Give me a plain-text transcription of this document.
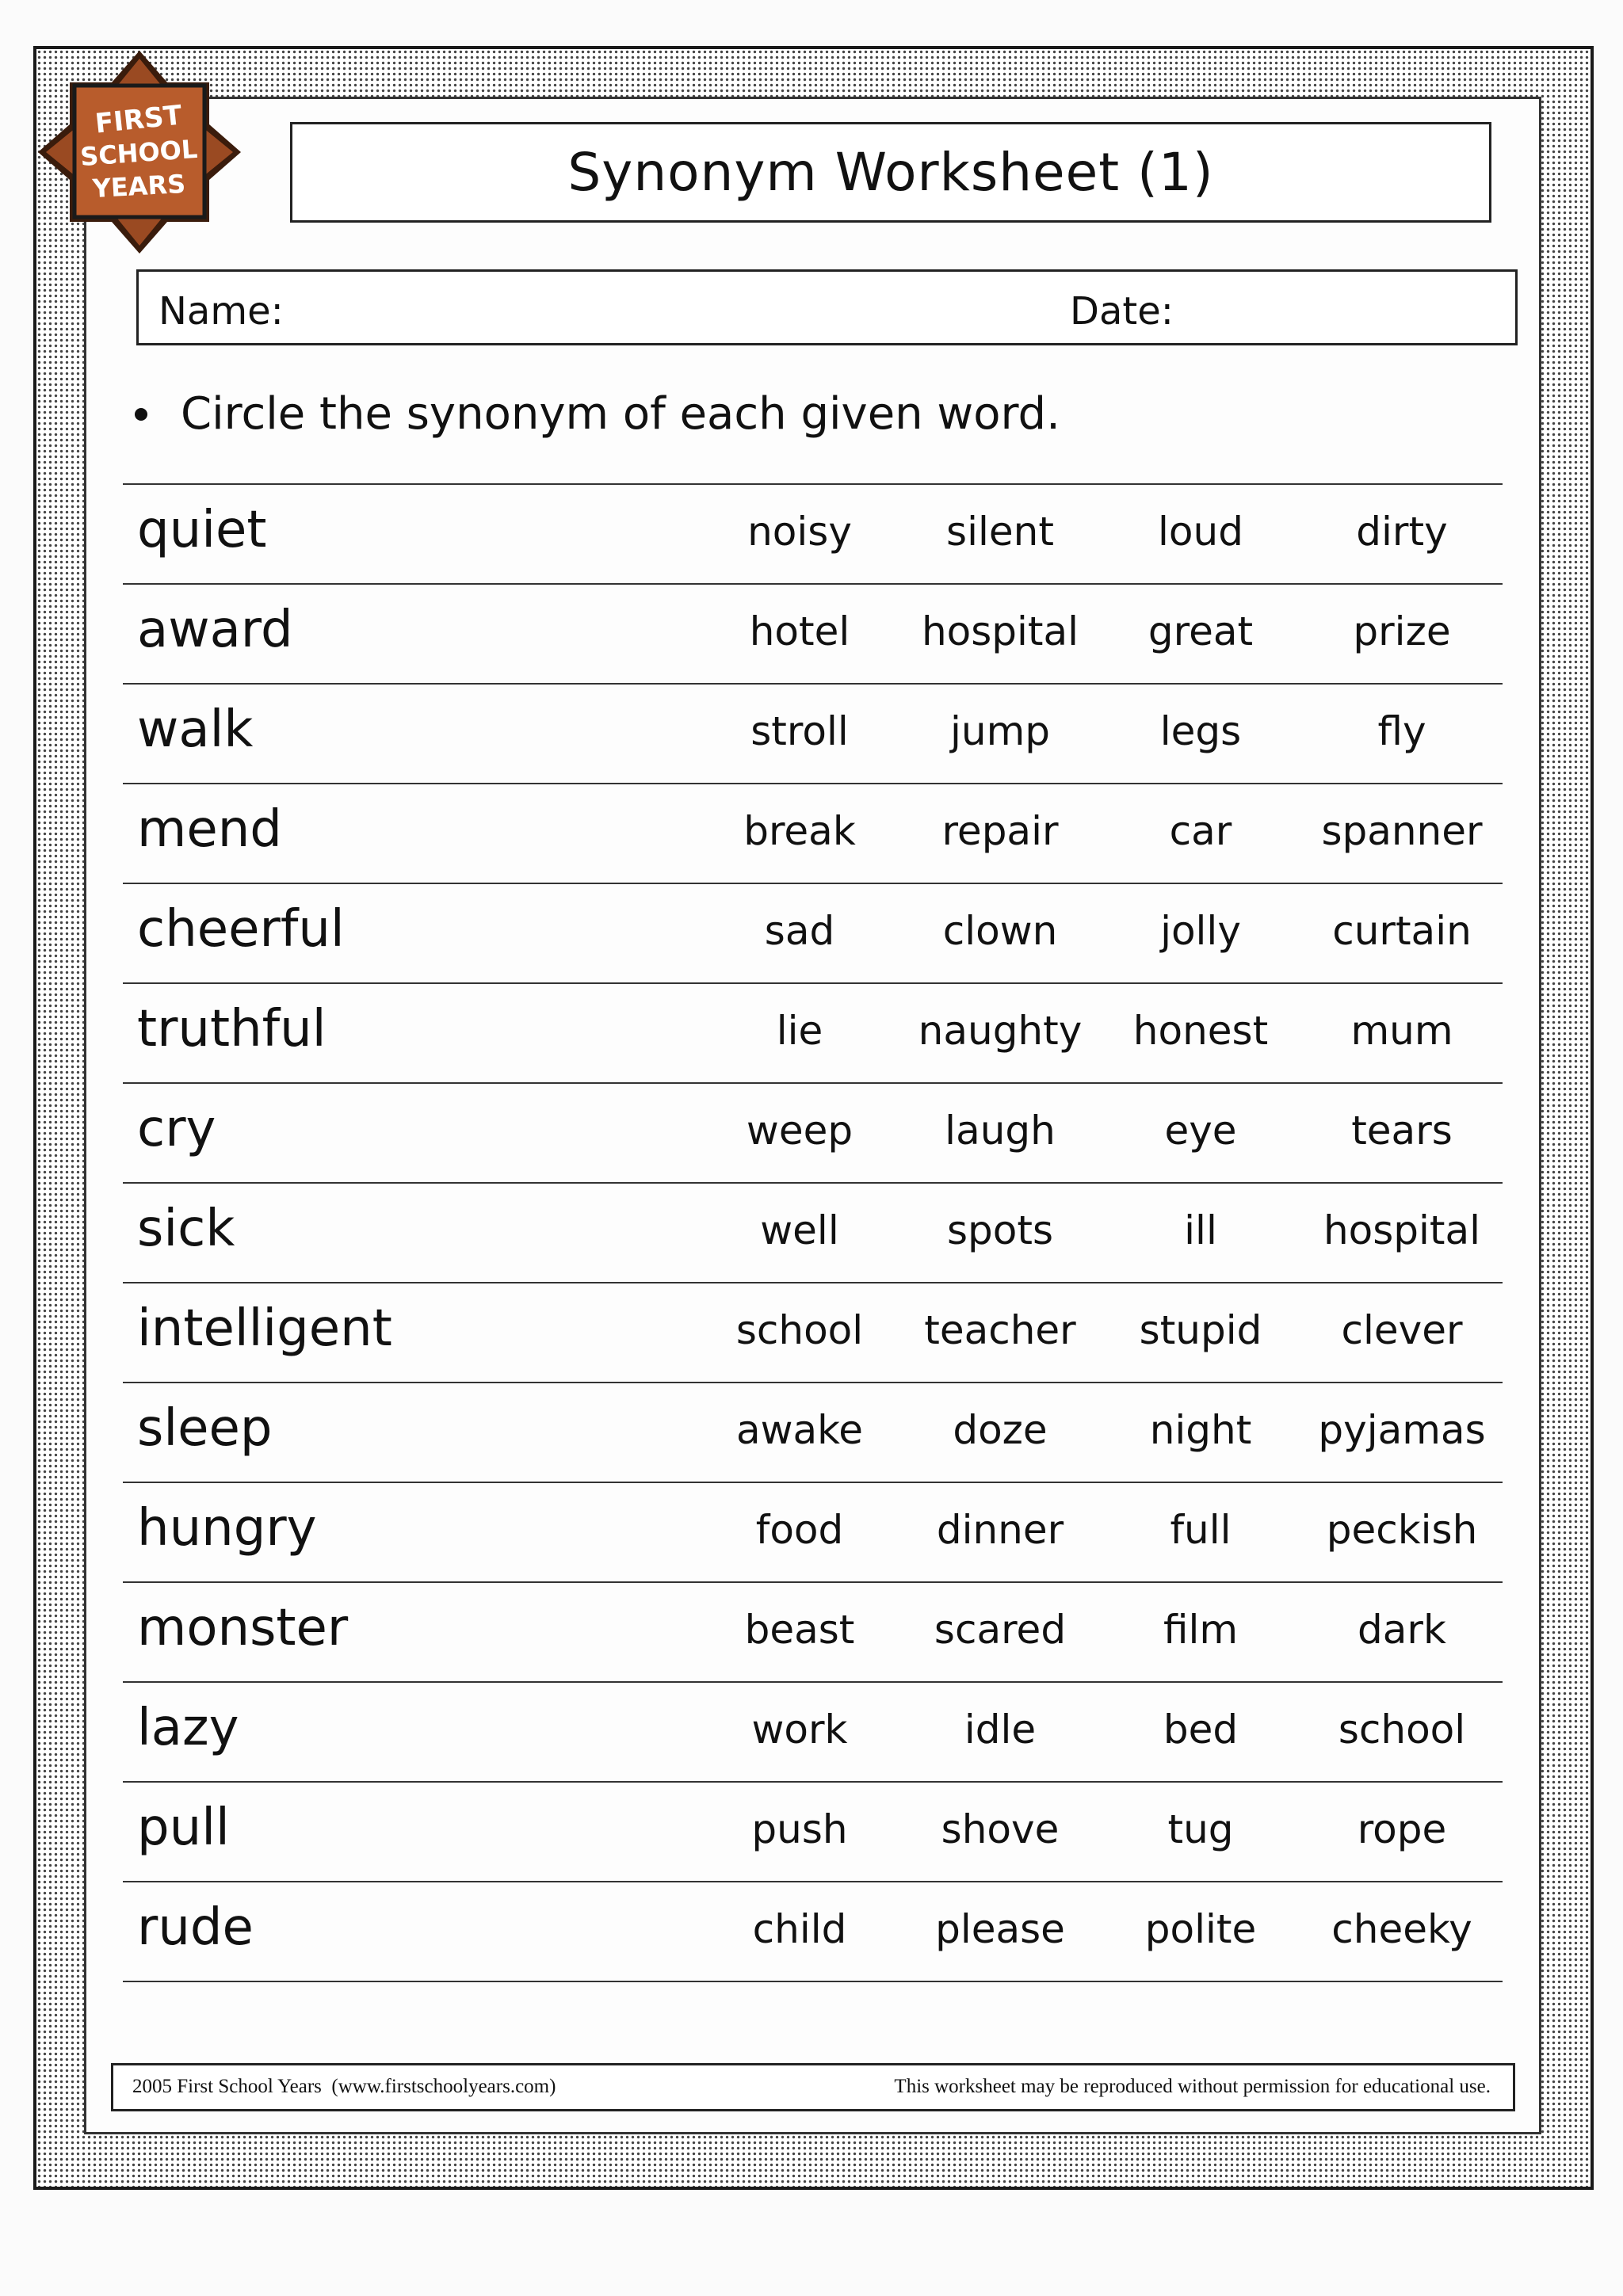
FIRST
SCHOOL
YEARS	Synonym Worksheet (1)
Name:	Date:
Circle the synonym of each given word.
quiet	noisy	silent	loud	dirty
award	hotel	hospital	great	prize
walk	stroll	jump	legs	fly
mend	break	repair	car	spanner
cheerful	sad	clown	jolly	curtain
truthful	lie	naughty	honest	mum
cry	weep	laugh	eye	tears
sick	well	spots	ill	hospital
intelligent	school	teacher	stupid	clever
sleep	awake	doze	night	pyjamas
hungry	food	dinner	full	peckish
monster	beast	scared	film	dark
lazy	work	idle	bed	school
pull	push	shove	tug	rope
rude	child	please	polite	cheeky
2005 First School Years  (www.firstschoolyears.com)	This worksheet may be reproduced without permission for educational use.
